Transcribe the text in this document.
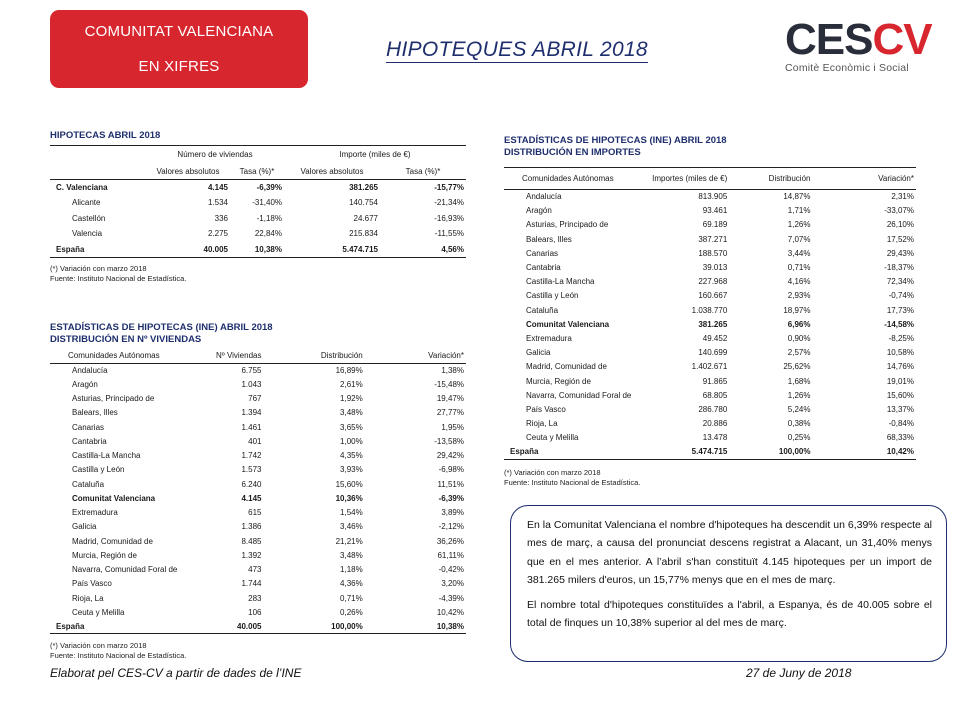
COMUNITAT VALENCIANA
EN XIFRES
HIPOTEQUES ABRIL 2018	CESCV
Comitè Econòmic i Social
HIPOTECAS ABRIL 2018
	Número de viviendas		Importe (miles de €)	
	Valores absolutos	Tasa (%)*	Valores absolutos	Tasa (%)*
C. Valenciana	4.145	-6,39%	381.265	-15,77%
Alicante	1.534	-31,40%	140.754	-21,34%
Castellón	336	-1,18%	24.677	-16,93%
Valencia	2.275	22,84%	215.834	-11,55%
España	40.005	10,38%	5.474.715	4,56%
(*) Variación con marzo 2018
Fuente: Instituto Nacional de Estadística.
ESTADÍSTICAS DE HIPOTECAS (INE) ABRIL 2018
DISTRIBUCIÓN EN Nº VIVIENDAS
Comunidades Autónomas	Nº Viviendas	Distribución	Variación*
Andalucía	6.755	16,89%	1,38%
Aragón	1.043	2,61%	-15,48%
Asturias, Principado de	767	1,92%	19,47%
Balears, Illes	1.394	3,48%	27,77%
Canarias	1.461	3,65%	1,95%
Cantabria	401	1,00%	-13,58%
Castilla-La Mancha	1.742	4,35%	29,42%
Castilla y León	1.573	3,93%	-6,98%
Cataluña	6.240	15,60%	11,51%
Comunitat Valenciana	4.145	10,36%	-6,39%
Extremadura	615	1,54%	3,89%
Galicia	1.386	3,46%	-2,12%
Madrid, Comunidad de	8.485	21,21%	36,26%
Murcia, Región de	1.392	3,48%	61,11%
Navarra, Comunidad Foral de	473	1,18%	-0,42%
País Vasco	1.744	4,36%	3,20%
Rioja, La	283	0,71%	-4,39%
Ceuta y Melilla	106	0,26%	10,42%
España	40.005	100,00%	10,38%
(*) Variación con marzo 2018
Fuente: Instituto Nacional de Estadística.
ESTADÍSTICAS DE HIPOTECAS (INE) ABRIL 2018
DISTRIBUCIÓN EN IMPORTES
Comunidades Autónomas	Importes (miles de €)	Distribución	Variación*
Andalucía	813.905	14,87%	2,31%
Aragón	93.461	1,71%	-33,07%
Asturias, Principado de	69.189	1,26%	26,10%
Balears, Illes	387.271	7,07%	17,52%
Canarias	188.570	3,44%	29,43%
Cantabria	39.013	0,71%	-18,37%
Castilla-La Mancha	227.968	4,16%	72,34%
Castilla y León	160.667	2,93%	-0,74%
Cataluña	1.038.770	18,97%	17,73%
Comunitat Valenciana	381.265	6,96%	-14,58%
Extremadura	49.452	0,90%	-8,25%
Galicia	140.699	2,57%	10,58%
Madrid, Comunidad de	1.402.671	25,62%	14,76%
Murcia, Región de	91.865	1,68%	19,01%
Navarra, Comunidad Foral de	68.805	1,26%	15,60%
País Vasco	286.780	5,24%	13,37%
Rioja, La	20.886	0,38%	-0,84%
Ceuta y Melilla	13.478	0,25%	68,33%
España	5.474.715	100,00%	10,42%
(*) Variación con marzo 2018
Fuente: Instituto Nacional de Estadística.

En la Comunitat Valenciana el nombre d'hipoteques ha descendit un 6,39% respecte al mes de març, a causa del pronunciat descens registrat a Alacant, un 31,40% menys que en el mes anterior. A l’abril s'han constituït 4.145 hipoteques per un import de 381.265 milers d'euros, un 15,77% menys que en el mes de març.

El nombre total d'hipoteques constituïdes a l'abril, a Espanya, és de 40.005 sobre el total de finques un 10,38% superior al del mes de març.

Elaborat pel CES-CV a partir de dades de l’INE	27 de Juny de 2018
